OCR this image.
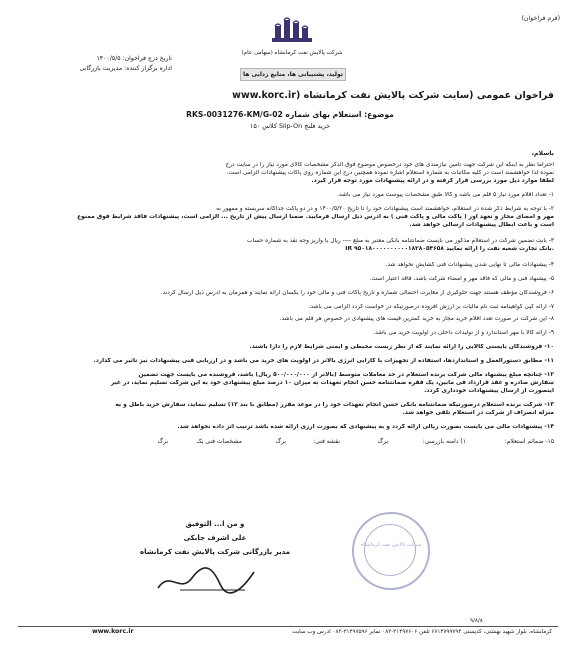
(فرم فراخوان)
شرکت پالایش نفت کرمانشاه (سهامی عام)
تولید، پشتیبانی ها، منابع زدایی ها
تاریخ درج فراخوان: ۱۴۰۰/۵/۵
اداره برگزار کننده: مدیریت بازرگانی
فراخوان عمومی (سایت شرکت پالایش نفت کرمانشاه (www.korc.ir
موضوع: استعلام بهای شماره RKS-0031276-KM/G-02
خرید فلنج Slip-On کلاس ۱۵۰
باسلام،
احتراماً نظر به اینکه این شرکت جهت تأمین نیازمندی های خود درخصوص موضوع فوق الذکر مشخصات کالای مورد نیاز را در سایت درج
نموده لذا خواهشمند است در کلیه مکاتبات به شماره استعلام اشاره نموده همچنین درج این شماره روی پاکات پیشنهادات الزامی است.
لطفا موارد ذیل مورد بررسی قرار گرفته و در ارائه پیشنهادات مورد توجه قرار گیرد.
۱- تعداد اقلام مورد نیاز ۵ قلم می باشد و کالا طبق مشخصات پیوست مورد نیاز می باشد.
۲- با توجه به شرایط ذکر شده در استعلام، خواهشمند است پیشنهادات خود را تا تاریخ ۱۴۰۰/۵/۲۰ و در دو پاکت جداگانه سربسته و ممهور به
مهر و امضای مجاز و تعهد آور ( پاکت مالی و پاکت فنی ) به آدرس ذیل ارسال فرمایید. ضمناً ارسال پیش از تاریخ ... الزامی است، پیشنهادات فاقد شرایط فوق ممنوع
است و باعث ابطال پیشنهادات ارسالی خواهد شد.
۳- بابت تضمین شرکت در استعلام مذکور می بایست ضمانتنامه بانکی معتبر به مبلغ ---- ریال یا واریز وجه نقد به شماره حساب
IR ۹۵۰۱۸۰۰۰۰۰۰۰۰۰۰۱۸۲۸۰۵۴۶۵۸ بانک تجارت شعبه نفت را ارائه نمایید.
۴- پیشنهادات مالی تا نهایی شدن پیشنهادات فنی گشایش نخواهد شد.
۵- پیشنهاد فنی و مالی که فاقد مهر و امضاء شرکت باشد، فاقد اعتبار است.
۶- فروشندگان مؤظف هستند جهت جلوگیری از مغایرت احتمالی شماره و تاریخ پاکات فنی و مالی خود را یکسان ارائه نمایند و همزمان به آدرس ذیل ارسال کردند.
۷- ارائه کپی گواهینامه ثبت نام مالیات بر ارزش افزوده درصورتیکه در خواست گردد الزامی می باشد.
۸- این شرکت در صورت تعدد اقلام خرید مجاز به خرید کمترین قیمت های پیشنهادی در خصوص هر قلم می باشد.
۹- ارائه کالا با مهر استاندارد و از تولیدات داخلی در اولویت خرید می باشد.
۱۰- فروشندگان بایستی کالایی را ارائه نمایند که از نظر زیست محیطی و ایمنی شرایط لازم را دارا باشند.
۱۱- مطابق دستورالعمل و استانداردها، استفاده از تجهیزات با کارآیی انرژی بالاتر در اولویت های خرید می باشد و در ارزیابی فنی پیشنهادات نیز تاثیر می گذارد.
۱۲- چنانچه مبلغ پیشنهاد مالی شرکت برنده استعلام در حد معاملات متوسط (بالاتر از ۵۰۰/۰۰۰/۰۰۰ ریال) باشد، فروشنده می بایست جهت تضمین
سفارش صادره و عقد قرارداد فی مابین، یک فقره ضمانتنامه حسن انجام تعهدات به میزان ۱۰ درصد مبلغ پیشنهادی خود به این شرکت تسلیم نماید، در غیر
اینصورت از ارسال پیشنهادات خودداری گردد.
۱۳- شرکت برنده استعلام درصورتیکه ضمانتنامه بانکی حسن انجام تعهدات خود را در موعد مقرر (مطابق با بند ۱۲) تسلیم ننماید، سفارش خرید باطل و به
منزله انصراف از شرکت در استعلام تلقی خواهد شد.
۱۴- پیشنهادات مالی می بایست بصورت ریالی ارائه گردد و به پیشنهادی که بصورت ارزی ارائه شده باشد ترتیب اثر داده نخواهد شد.
۱۵- ضمائم استعلام:
۱) دامنه بازرسی:
برگ
نقشه فنی:
برگ
مشخصات فنی یک
برگ
و من ا... التوفیق
علی اشرف جابکی
مدیر بازرگانی شرکت پالایش نفت کرمانشاه
شرکت پالایش نفت کرمانشاه
۹/۸/۸
کرمانشاه، بلوار شهید بهشتی، کدپستی ۶۷۱۴۷۹۹۷۹۴ تلفن ۳۱۴۹۷۶۰۶-۰۸۳ نمابر ۳۱۴۹۷۵۹۶-۰۸۳ آدرس وب سایت
www.korc.ir
